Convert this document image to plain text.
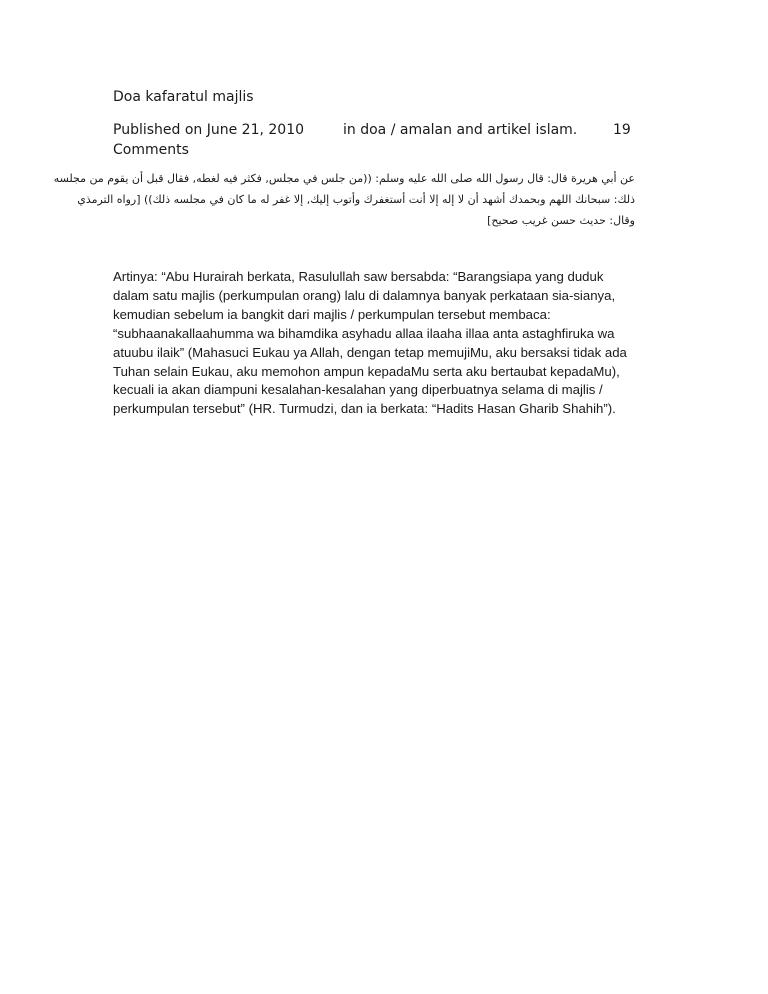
Doa kafaratul majlis
Published on June 21, 2010	in doa / amalan and artikel islam.	19
Comments

عن أبي هريرة قال: قال رسول الله صلى الله عليه وسلم: ((من جلس في مجلس, فكثر فيه لغطه, فقال قبل أن يقوم من مجلسه

ذلك: سبحانك اللهم وبحمدك أشهد أن لا إله إلا أنت أستغفرك وأتوب إليك, إلا غفر له ما كان في مجلسه ذلك)) [رواه الترمذي

وقال: حديث حسن غريب صحيح]

Artinya: “Abu Hurairah berkata, Rasulullah saw bersabda: “Barangsiapa yang duduk

dalam satu majlis (perkumpulan orang) lalu di dalamnya banyak perkataan sia-sianya,

kemudian sebelum ia bangkit dari majlis / perkumpulan tersebut membaca:

“subhaanakallaahumma wa bihamdika asyhadu allaa ilaaha illaa anta astaghfiruka wa

atuubu ilaik” (Mahasuci Eukau ya Allah, dengan tetap memujiMu, aku bersaksi tidak ada

Tuhan selain Eukau, aku memohon ampun kepadaMu serta aku bertaubat kepadaMu),

kecuali ia akan diampuni kesalahan-kesalahan yang diperbuatnya selama di majlis /

perkumpulan tersebut” (HR. Turmudzi, dan ia berkata: “Hadits Hasan Gharib Shahih”).
